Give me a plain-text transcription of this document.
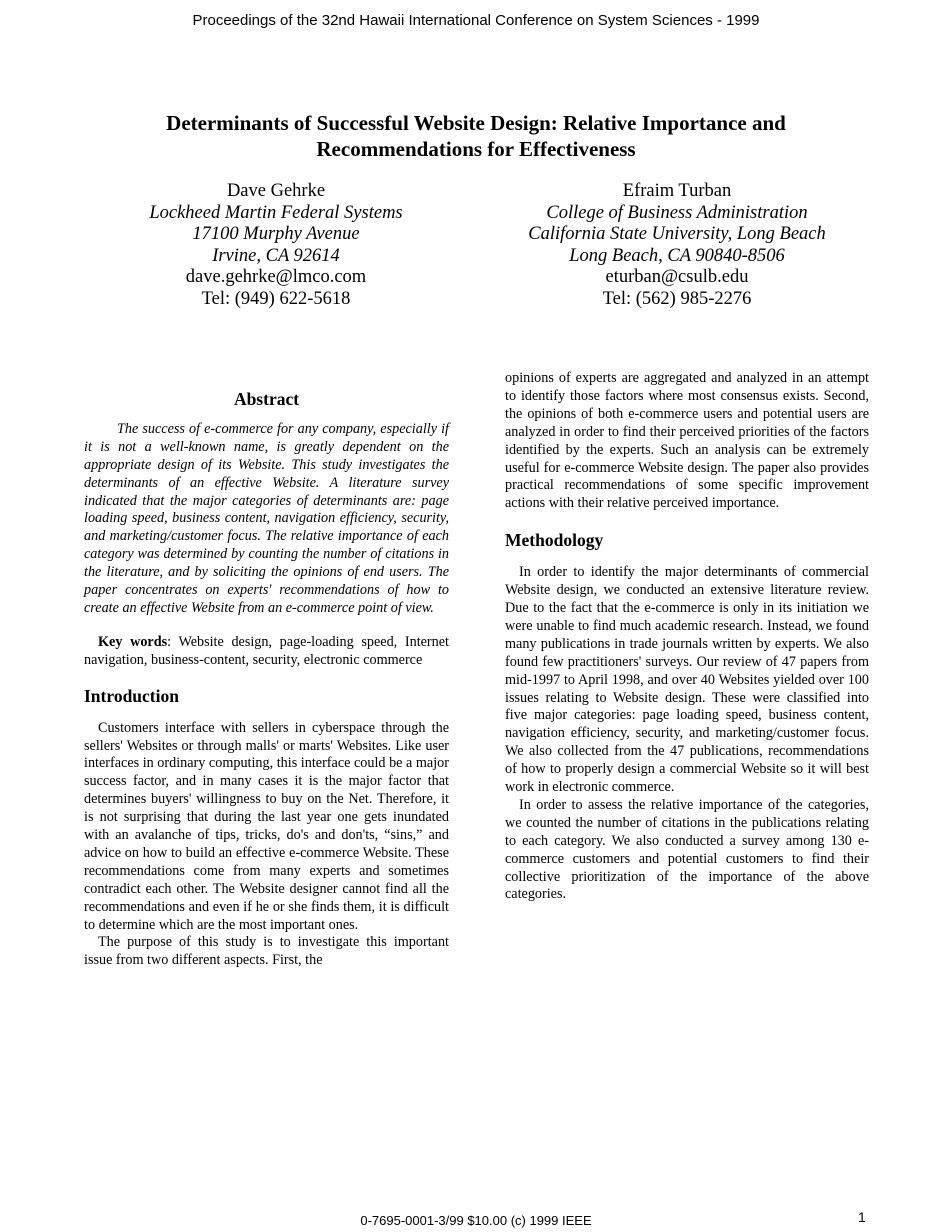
Proceedings of the 32nd Hawaii International Conference on System Sciences - 1999
Determinants of Successful Website Design: Relative Importance and
Recommendations for Effectiveness
Dave Gehrke
Lockheed Martin Federal Systems
17100 Murphy Avenue
Irvine, CA 92614
dave.gehrke@lmco.com
Tel: (949) 622-5618
Efraim Turban
College of Business Administration
California State University, Long Beach
Long Beach, CA 90840-8506
eturban@csulb.edu
Tel: (562) 985-2276

Abstract

The success of e-commerce for any company, especially if it is not a well-known name, is greatly dependent on the appropriate design of its Website. This study investigates the determinants of an effective Website. A literature survey indicated that the major categories of determinants are: page loading speed, business content, navigation efficiency, security, and marketing/customer focus. The relative importance of each category was determined by counting the number of citations in the literature, and by soliciting the opinions of end users. The paper concentrates on experts' recommendations of how to create an effective Website from an e-commerce point of view.

Key words: Website design, page-loading speed, Internet navigation, business-content, security, electronic commerce

Introduction

Customers interface with sellers in cyberspace through the sellers' Websites or through malls' or marts' Websites. Like user interfaces in ordinary computing, this interface could be a major success factor, and in many cases it is the major factor that determines buyers' willingness to buy on the Net. Therefore, it is not surprising that during the last year one gets inundated with an avalanche of tips, tricks, do's and don'ts, “sins,” and advice on how to build an effective e-commerce Website. These recommendations come from many experts and sometimes contradict each other. The Website designer cannot find all the recommendations and even if he or she finds them, it is difficult to determine which are the most important ones.

The purpose of this study is to investigate this important issue from two different aspects. First, the

opinions of experts are aggregated and analyzed in an attempt to identify those factors where most consensus exists. Second, the opinions of both e-commerce users and potential users are analyzed in order to find their perceived priorities of the factors identified by the experts. Such an analysis can be extremely useful for e-commerce Website design. The paper also provides practical recommendations of some specific improvement actions with their relative perceived importance.

Methodology

In order to identify the major determinants of commercial Website design, we conducted an extensive literature review. Due to the fact that the e-commerce is only in its initiation we were unable to find much academic research. Instead, we found many publications in trade journals written by experts. We also found few practitioners' surveys. Our review of 47 papers from mid-1997 to April 1998, and over 40 Websites yielded over 100 issues relating to Website design. These were classified into five major categories: page loading speed, business content, navigation efficiency, security, and marketing/customer focus. We also collected from the 47 publications, recommendations of how to properly design a commercial Website so it will best work in electronic commerce.

In order to assess the relative importance of the categories, we counted the number of citations in the publications relating to each category. We also conducted a survey among 130 e-commerce customers and potential customers to find their collective prioritization of the importance of the above categories.

0-7695-0001-3/99 $10.00 (c) 1999 IEEE	1
